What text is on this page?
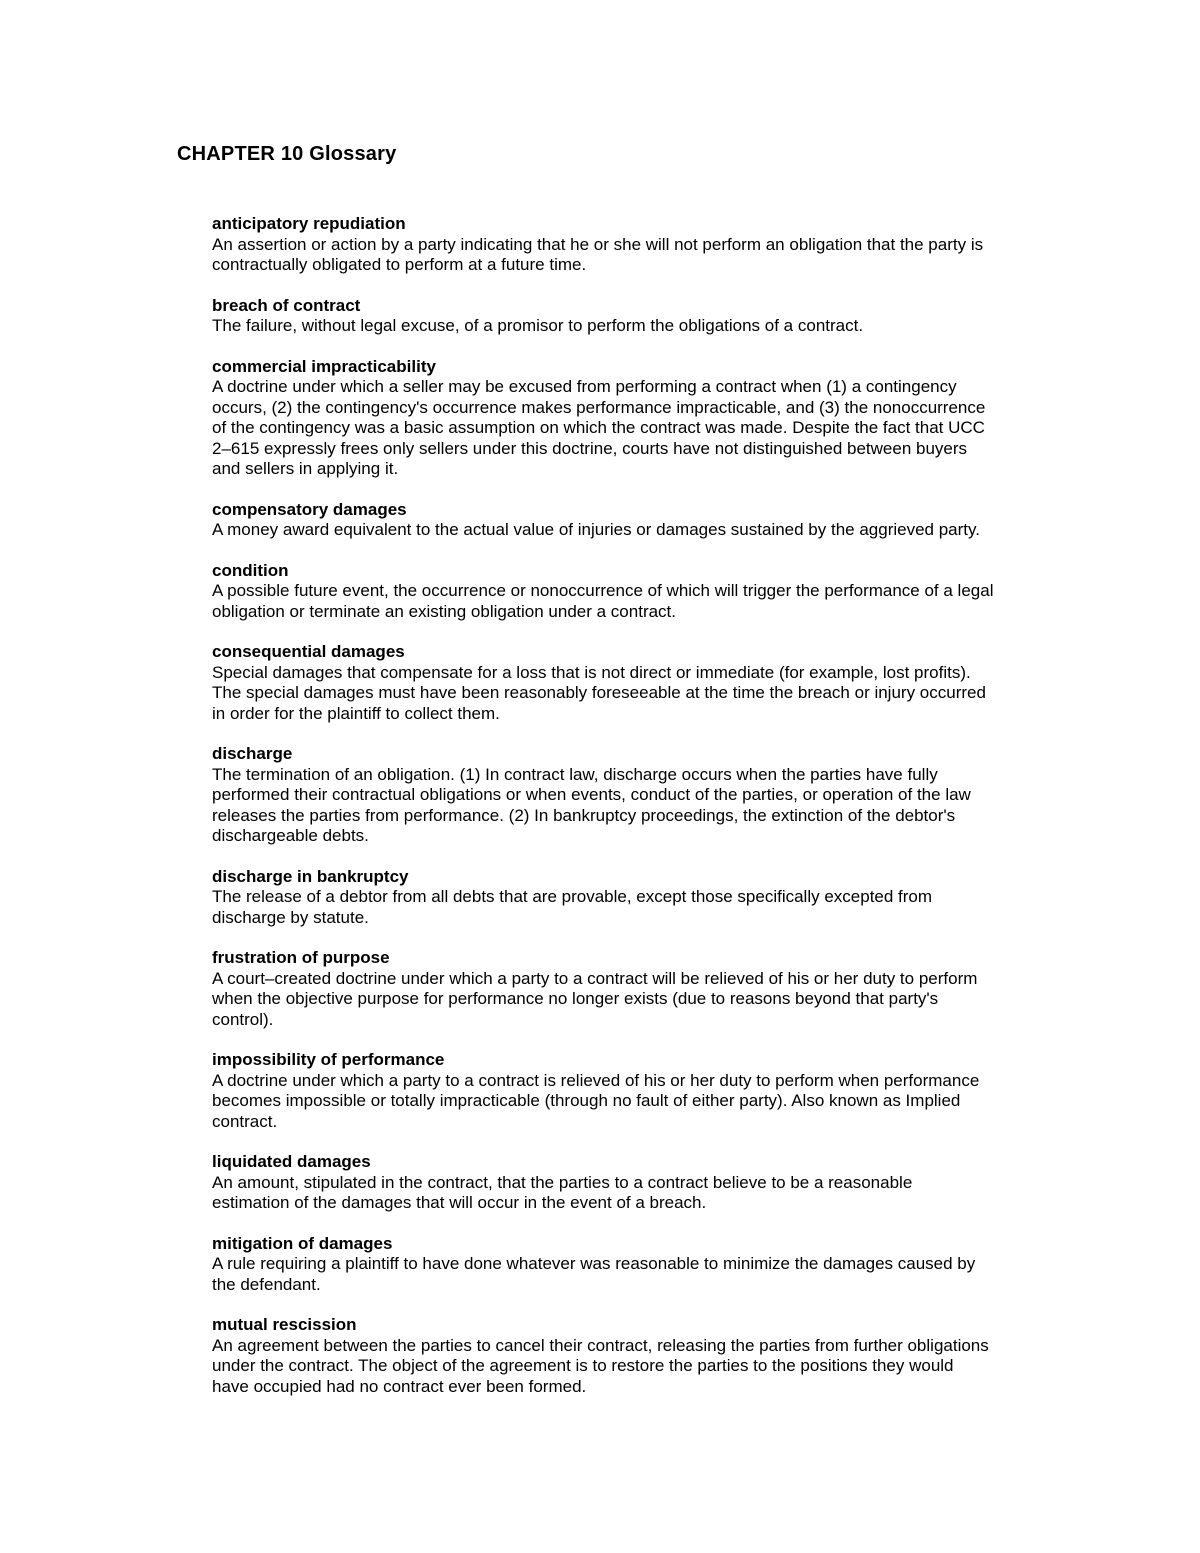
CHAPTER 10 Glossary
anticipatory repudiation
An assertion or action by a party indicating that he or she will not perform an obligation that the party is
contractually obligated to perform at a future time.
breach of contract
The failure, without legal excuse, of a promisor to perform the obligations of a contract.
commercial impracticability
A doctrine under which a seller may be excused from performing a contract when (1) a contingency
occurs, (2) the contingency's occurrence makes performance impracticable, and (3) the nonoccurrence
of the contingency was a basic assumption on which the contract was made. Despite the fact that UCC
2–615 expressly frees only sellers under this doctrine, courts have not distinguished between buyers
and sellers in applying it.
compensatory damages
A money award equivalent to the actual value of injuries or damages sustained by the aggrieved party.
condition
A possible future event, the occurrence or nonoccurrence of which will trigger the performance of a legal
obligation or terminate an existing obligation under a contract.
consequential damages
Special damages that compensate for a loss that is not direct or immediate (for example, lost profits).
The special damages must have been reasonably foreseeable at the time the breach or injury occurred
in order for the plaintiff to collect them.
discharge
The termination of an obligation. (1) In contract law, discharge occurs when the parties have fully
performed their contractual obligations or when events, conduct of the parties, or operation of the law
releases the parties from performance. (2) In bankruptcy proceedings, the extinction of the debtor's
dischargeable debts.
discharge in bankruptcy
The release of a debtor from all debts that are provable, except those specifically excepted from
discharge by statute.
frustration of purpose
A court–created doctrine under which a party to a contract will be relieved of his or her duty to perform
when the objective purpose for performance no longer exists (due to reasons beyond that party's
control).
impossibility of performance
A doctrine under which a party to a contract is relieved of his or her duty to perform when performance
becomes impossible or totally impracticable (through no fault of either party). Also known as Implied
contract.
liquidated damages
An amount, stipulated in the contract, that the parties to a contract believe to be a reasonable
estimation of the damages that will occur in the event of a breach.
mitigation of damages
A rule requiring a plaintiff to have done whatever was reasonable to minimize the damages caused by
the defendant.
mutual rescission
An agreement between the parties to cancel their contract, releasing the parties from further obligations
under the contract. The object of the agreement is to restore the parties to the positions they would
have occupied had no contract ever been formed.
